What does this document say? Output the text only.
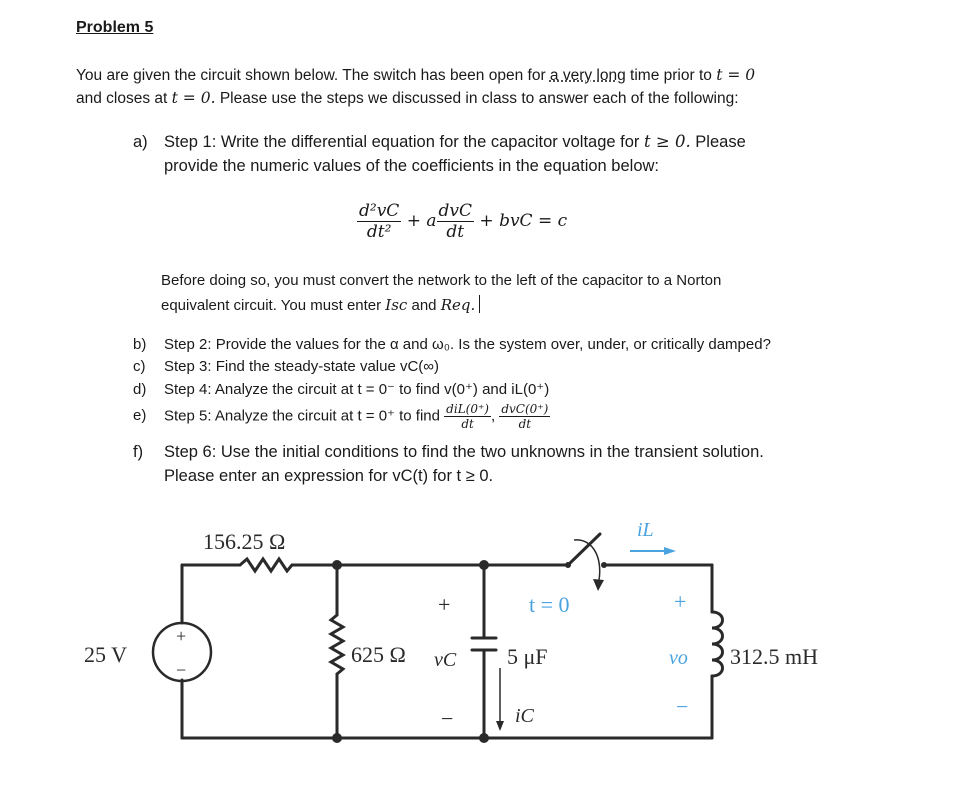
Problem 5
You are given the circuit shown below. The switch has been open for a very long time prior to t = 0
and closes at t = 0. Please use the steps we discussed in class to answer each of the following:
a) Step 1: Write the differential equation for the capacitor voltage for t ≥ 0. Please
provide the numeric values of the coefficients in the equation below:
$\frac{\text{d²vC}}{\text{dt²}} + a \frac{\text{dvC}}{dt}$ + bvC = c
Before doing so, you must convert the network to the left of the capacitor to a Norton
equivalent circuit. You must enter Isc and Req.
b) Step 2: Provide the values for the α and ω₀. Is the system over, under, or critically damped?
c) Step 3: Find the steady-state value vC(∞)
d) Step 4: Analyze the circuit at t = 0⁻ to find v(0⁺) and iL(0⁺)
e) Step 5: Analyze the circuit at t = 0⁺ to find $\frac{\text{diL(0⁺)}}{dt}$ , $\frac{\text{dvC(0⁺)}}{dt}$
f) Step 6: Use the initial conditions to find the two unknowns in the transient solution.
Please enter an expression for vC(t) for t ≥ 0.
156.25 Ω
+
−
25 V	625 Ω
+
−
vC 5 μF
iC
t = 0
iL
+
−
vo 312.5 mH
